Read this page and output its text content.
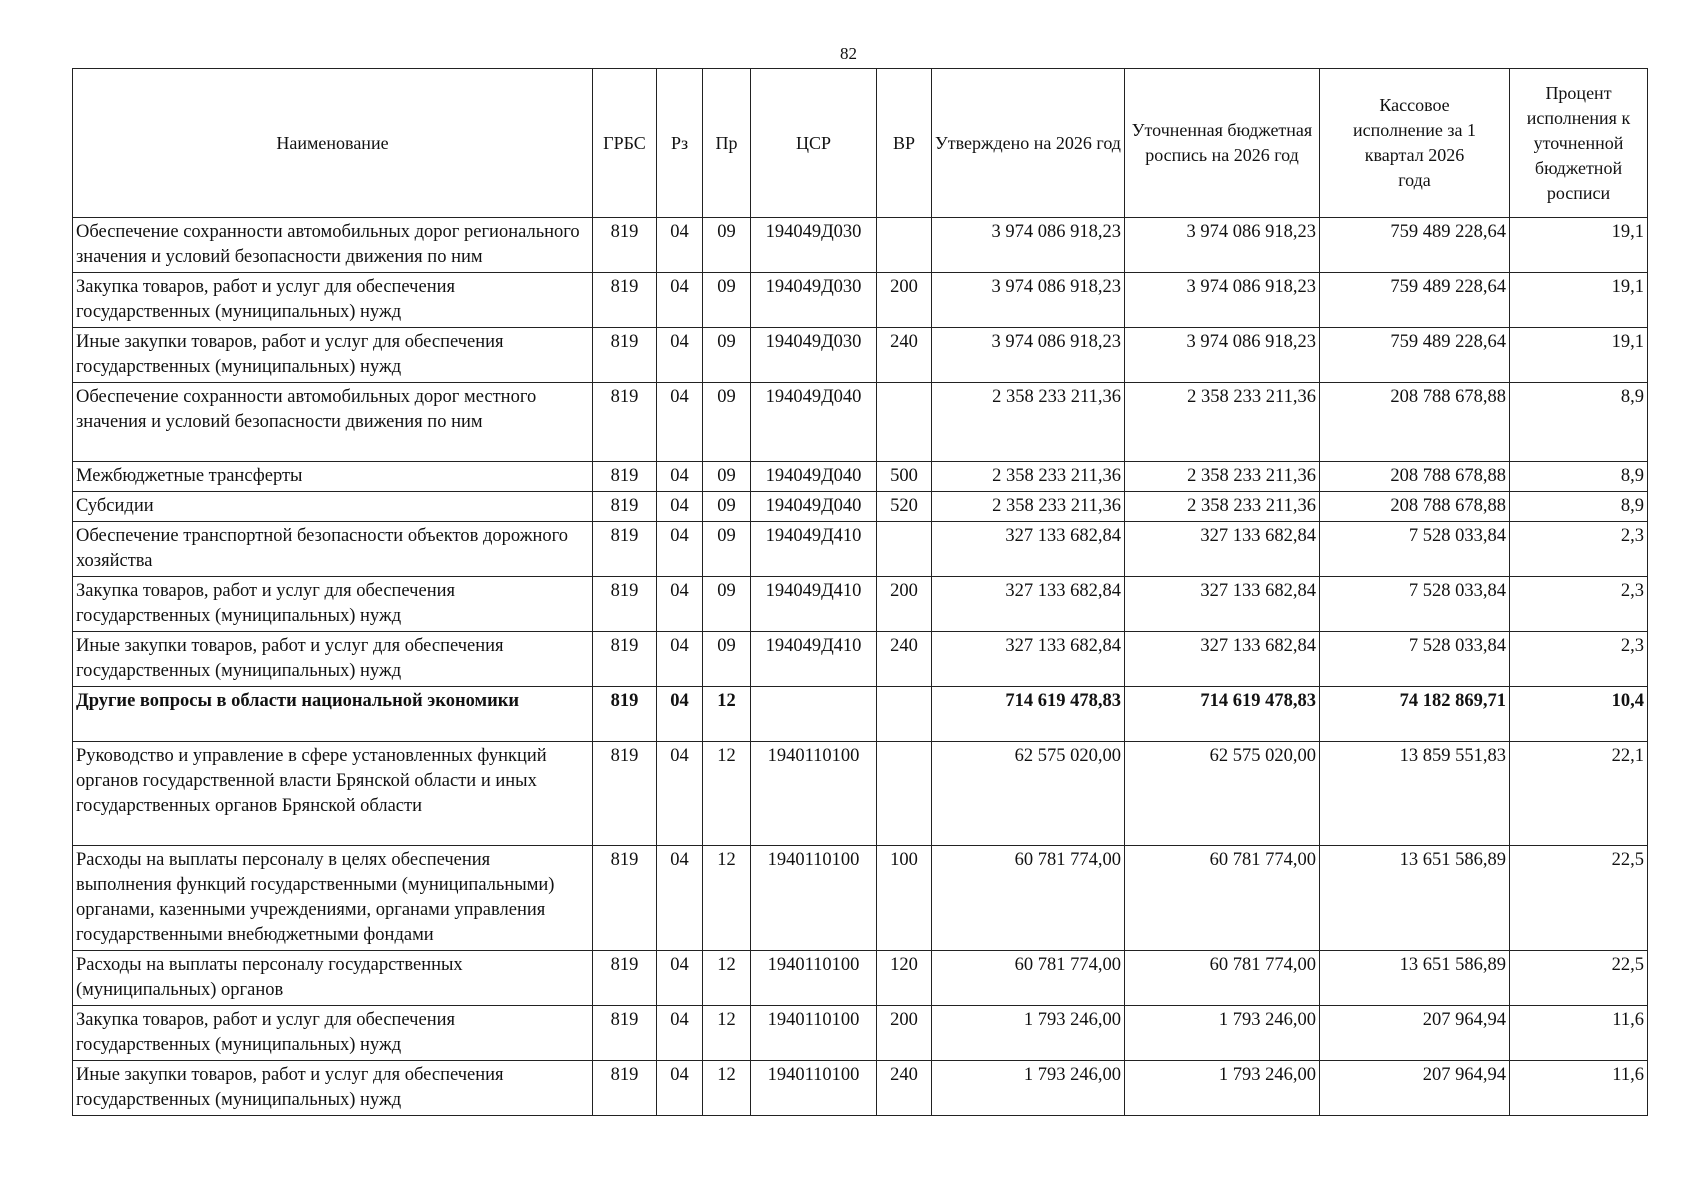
82
Наименование	ГРБС	Рз	Пр	ЦСР	ВР	Утверждено на 2026 год	Уточненная бюджетная роспись на 2026 год	Кассовое исполнение за 1 квартал 2026 года	Процент исполнения к уточненной бюджетной росписи
Обеспечение сохранности автомобильных дорог регионального значения и условий безопасности движения по ним	819	04	09	194049Д030		3 974 086 918,23	3 974 086 918,23	759 489 228,64	19,1
Закупка товаров, работ и услуг для обеспечения государственных (муниципальных) нужд	819	04	09	194049Д030	200	3 974 086 918,23	3 974 086 918,23	759 489 228,64	19,1
Иные закупки товаров, работ и услуг для обеспечения государственных (муниципальных) нужд	819	04	09	194049Д030	240	3 974 086 918,23	3 974 086 918,23	759 489 228,64	19,1
Обеспечение сохранности автомобильных дорог местного значения и условий безопасности движения по ним	819	04	09	194049Д040		2 358 233 211,36	2 358 233 211,36	208 788 678,88	8,9
Межбюджетные трансферты	819	04	09	194049Д040	500	2 358 233 211,36	2 358 233 211,36	208 788 678,88	8,9
Субсидии	819	04	09	194049Д040	520	2 358 233 211,36	2 358 233 211,36	208 788 678,88	8,9
Обеспечение транспортной безопасности объектов дорожного хозяйства	819	04	09	194049Д410		327 133 682,84	327 133 682,84	7 528 033,84	2,3
Закупка товаров, работ и услуг для обеспечения государственных (муниципальных) нужд	819	04	09	194049Д410	200	327 133 682,84	327 133 682,84	7 528 033,84	2,3
Иные закупки товаров, работ и услуг для обеспечения государственных (муниципальных) нужд	819	04	09	194049Д410	240	327 133 682,84	327 133 682,84	7 528 033,84	2,3
Другие вопросы в области национальной экономики	819	04	12			714 619 478,83	714 619 478,83	74 182 869,71	10,4
Руководство и управление в сфере установленных функций органов государственной власти Брянской области и иных государственных органов Брянской области	819	04	12	1940110100		62 575 020,00	62 575 020,00	13 859 551,83	22,1
Расходы на выплаты персоналу в целях обеспечения выполнения функций государственными (муниципальными) органами, казенными учреждениями, органами управления государственными внебюджетными фондами	819	04	12	1940110100	100	60 781 774,00	60 781 774,00	13 651 586,89	22,5
Расходы на выплаты персоналу государственных (муниципальных) органов	819	04	12	1940110100	120	60 781 774,00	60 781 774,00	13 651 586,89	22,5
Закупка товаров, работ и услуг для обеспечения государственных (муниципальных) нужд	819	04	12	1940110100	200	1 793 246,00	1 793 246,00	207 964,94	11,6
Иные закупки товаров, работ и услуг для обеспечения государственных (муниципальных) нужд	819	04	12	1940110100	240	1 793 246,00	1 793 246,00	207 964,94	11,6
